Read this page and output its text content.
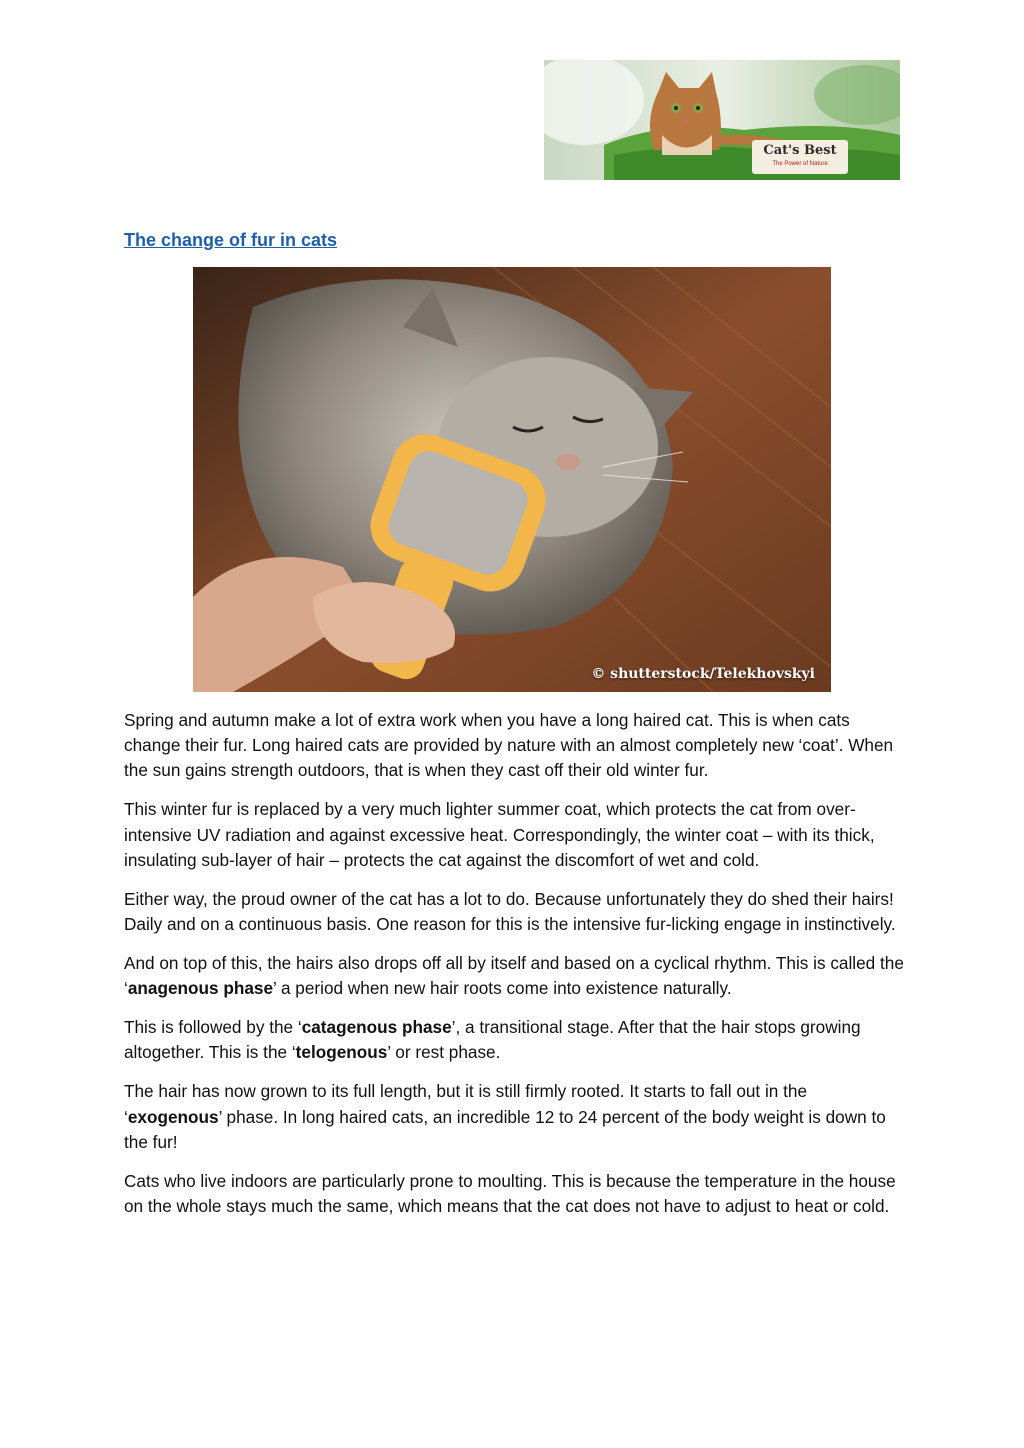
Cat's Best
The Power of Nature
The change of fur in cats
© shutterstock/Telekhovskyi

Spring and autumn make a lot of extra work when you have a long haired cat. This is when cats change their fur. Long haired cats are provided by nature with an almost completely new ‘coat’. When the sun gains strength outdoors, that is when they cast off their old winter fur.

This winter fur is replaced by a very much lighter summer coat, which protects the cat from over-intensive UV radiation and against excessive heat. Correspondingly, the winter coat – with its thick, insulating sub-layer of hair – protects the cat against the discomfort of wet and cold.

Either way, the proud owner of the cat has a lot to do. Because unfortunately they do shed their hairs! Daily and on a continuous basis. One reason for this is the intensive fur-licking engage in instinctively.

And on top of this, the hairs also drops off all by itself and based on a cyclical rhythm. This is called the ‘anagenous phase’ a period when new hair roots come into existence naturally.

This is followed by the ‘catagenous phase’, a transitional stage. After that the hair stops growing altogether. This is the ‘telogenous’ or rest phase.

The hair has now grown to its full length, but it is still firmly rooted. It starts to fall out in the ‘exogenous’ phase. In long haired cats, an incredible 12 to 24 percent of the body weight is down to the fur!

Cats who live indoors are particularly prone to moulting. This is because the temperature in the house on the whole stays much the same, which means that the cat does not have to adjust to heat or cold.
